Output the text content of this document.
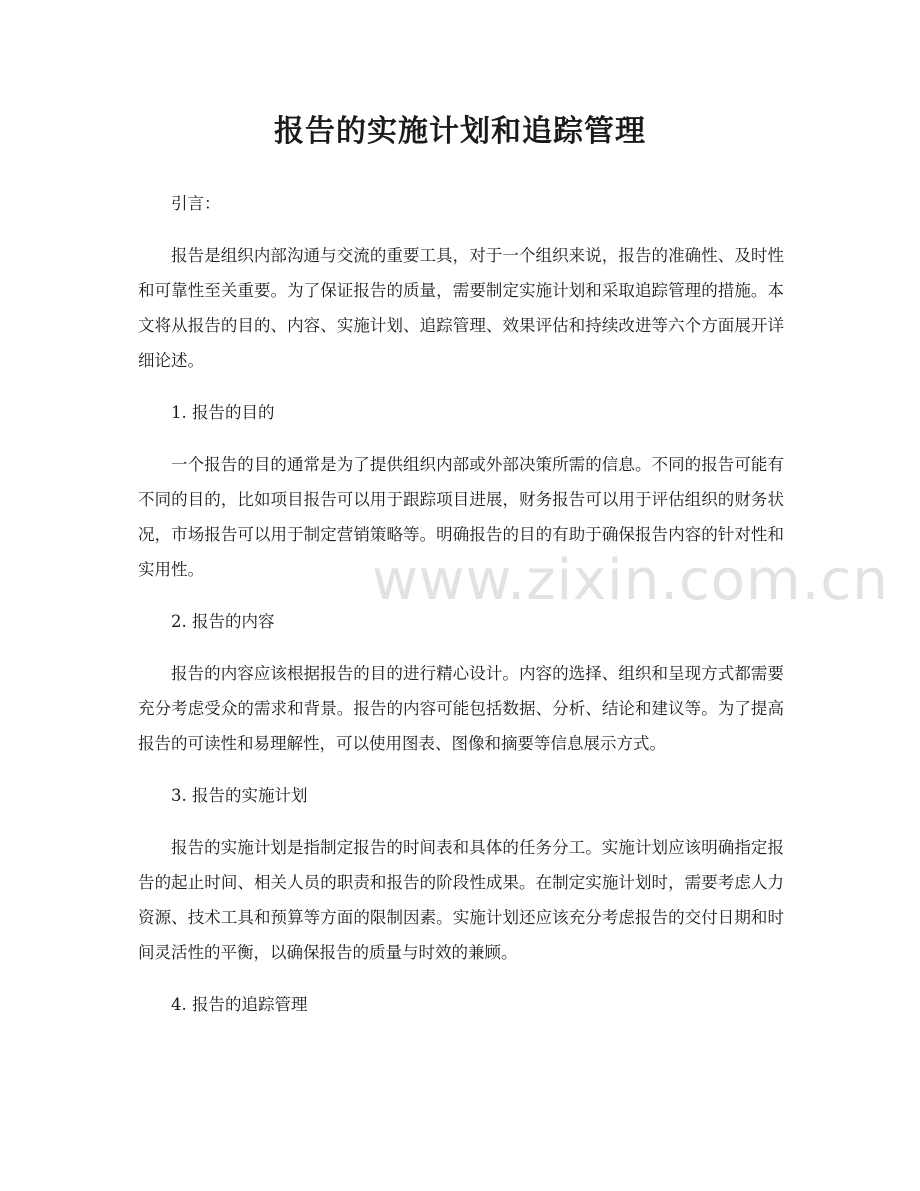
报告的实施计划和追踪管理

引言：

报告是组织内部沟通与交流的重要工具，对于一个组织来说，报告的准确性、及时性和可靠性至关重要。为了保证报告的质量，需要制定实施计划和采取追踪管理的措施。本文将从报告的目的、内容、实施计划、追踪管理、效果评估和持续改进等六个方面展开详细论述。

1. 报告的目的

一个报告的目的通常是为了提供组织内部或外部决策所需的信息。不同的报告可能有不同的目的，比如项目报告可以用于跟踪项目进展，财务报告可以用于评估组织的财务状况，市场报告可以用于制定营销策略等。明确报告的目的有助于确保报告内容的针对性和实用性。

2. 报告的内容

报告的内容应该根据报告的目的进行精心设计。内容的选择、组织和呈现方式都需要充分考虑受众的需求和背景。报告的内容可能包括数据、分析、结论和建议等。为了提高报告的可读性和易理解性，可以使用图表、图像和摘要等信息展示方式。

3. 报告的实施计划

报告的实施计划是指制定报告的时间表和具体的任务分工。实施计划应该明确指定报告的起止时间、相关人员的职责和报告的阶段性成果。在制定实施计划时，需要考虑人力资源、技术工具和预算等方面的限制因素。实施计划还应该充分考虑报告的交付日期和时间灵活性的平衡，以确保报告的质量与时效的兼顾。

4. 报告的追踪管理

www.zixin.com.cn
